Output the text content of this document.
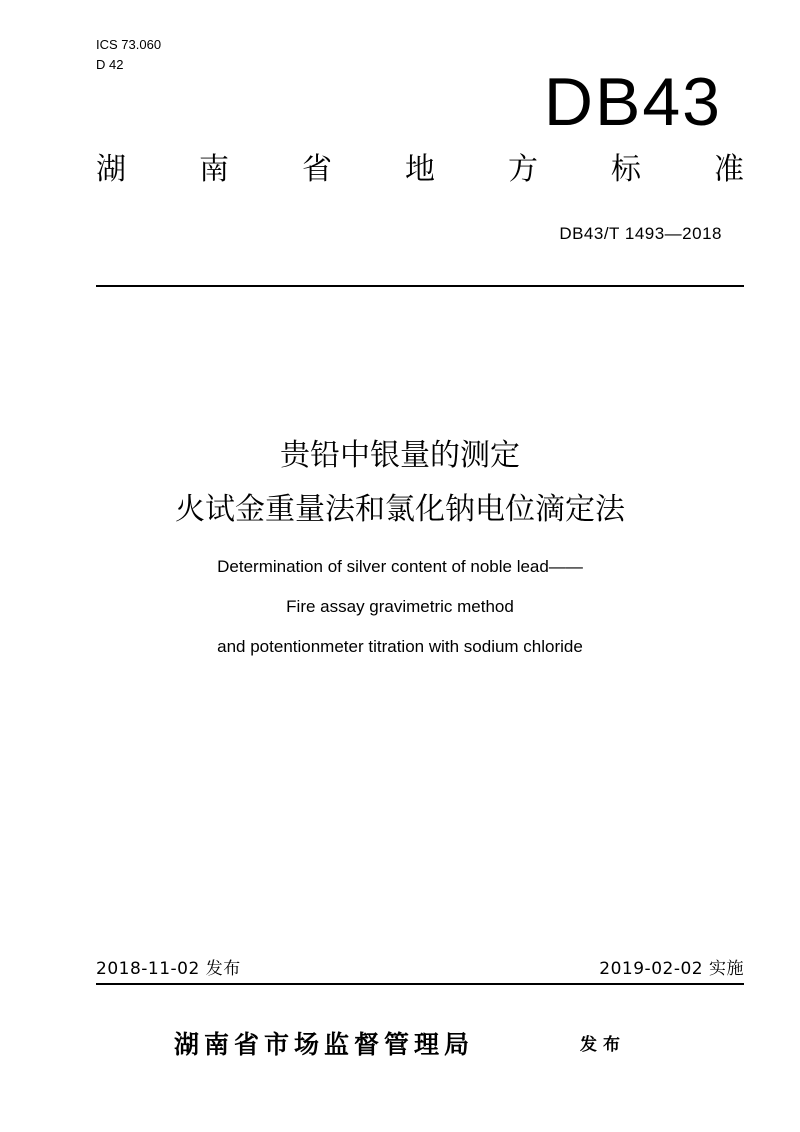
ICS 73.060
D 42	DB43
湖 南 省 地 方 标 准
DB43/T 1493—2018
贵铅中银量的测定
火试金重量法和氯化钠电位滴定法
Determination of silver content of noble lead——
Fire assay gravimetric method
and potentionmeter titration with sodium chloride
2018-11-02 发布	2019-02-02 实施
湖南省市场监督管理局	发布
